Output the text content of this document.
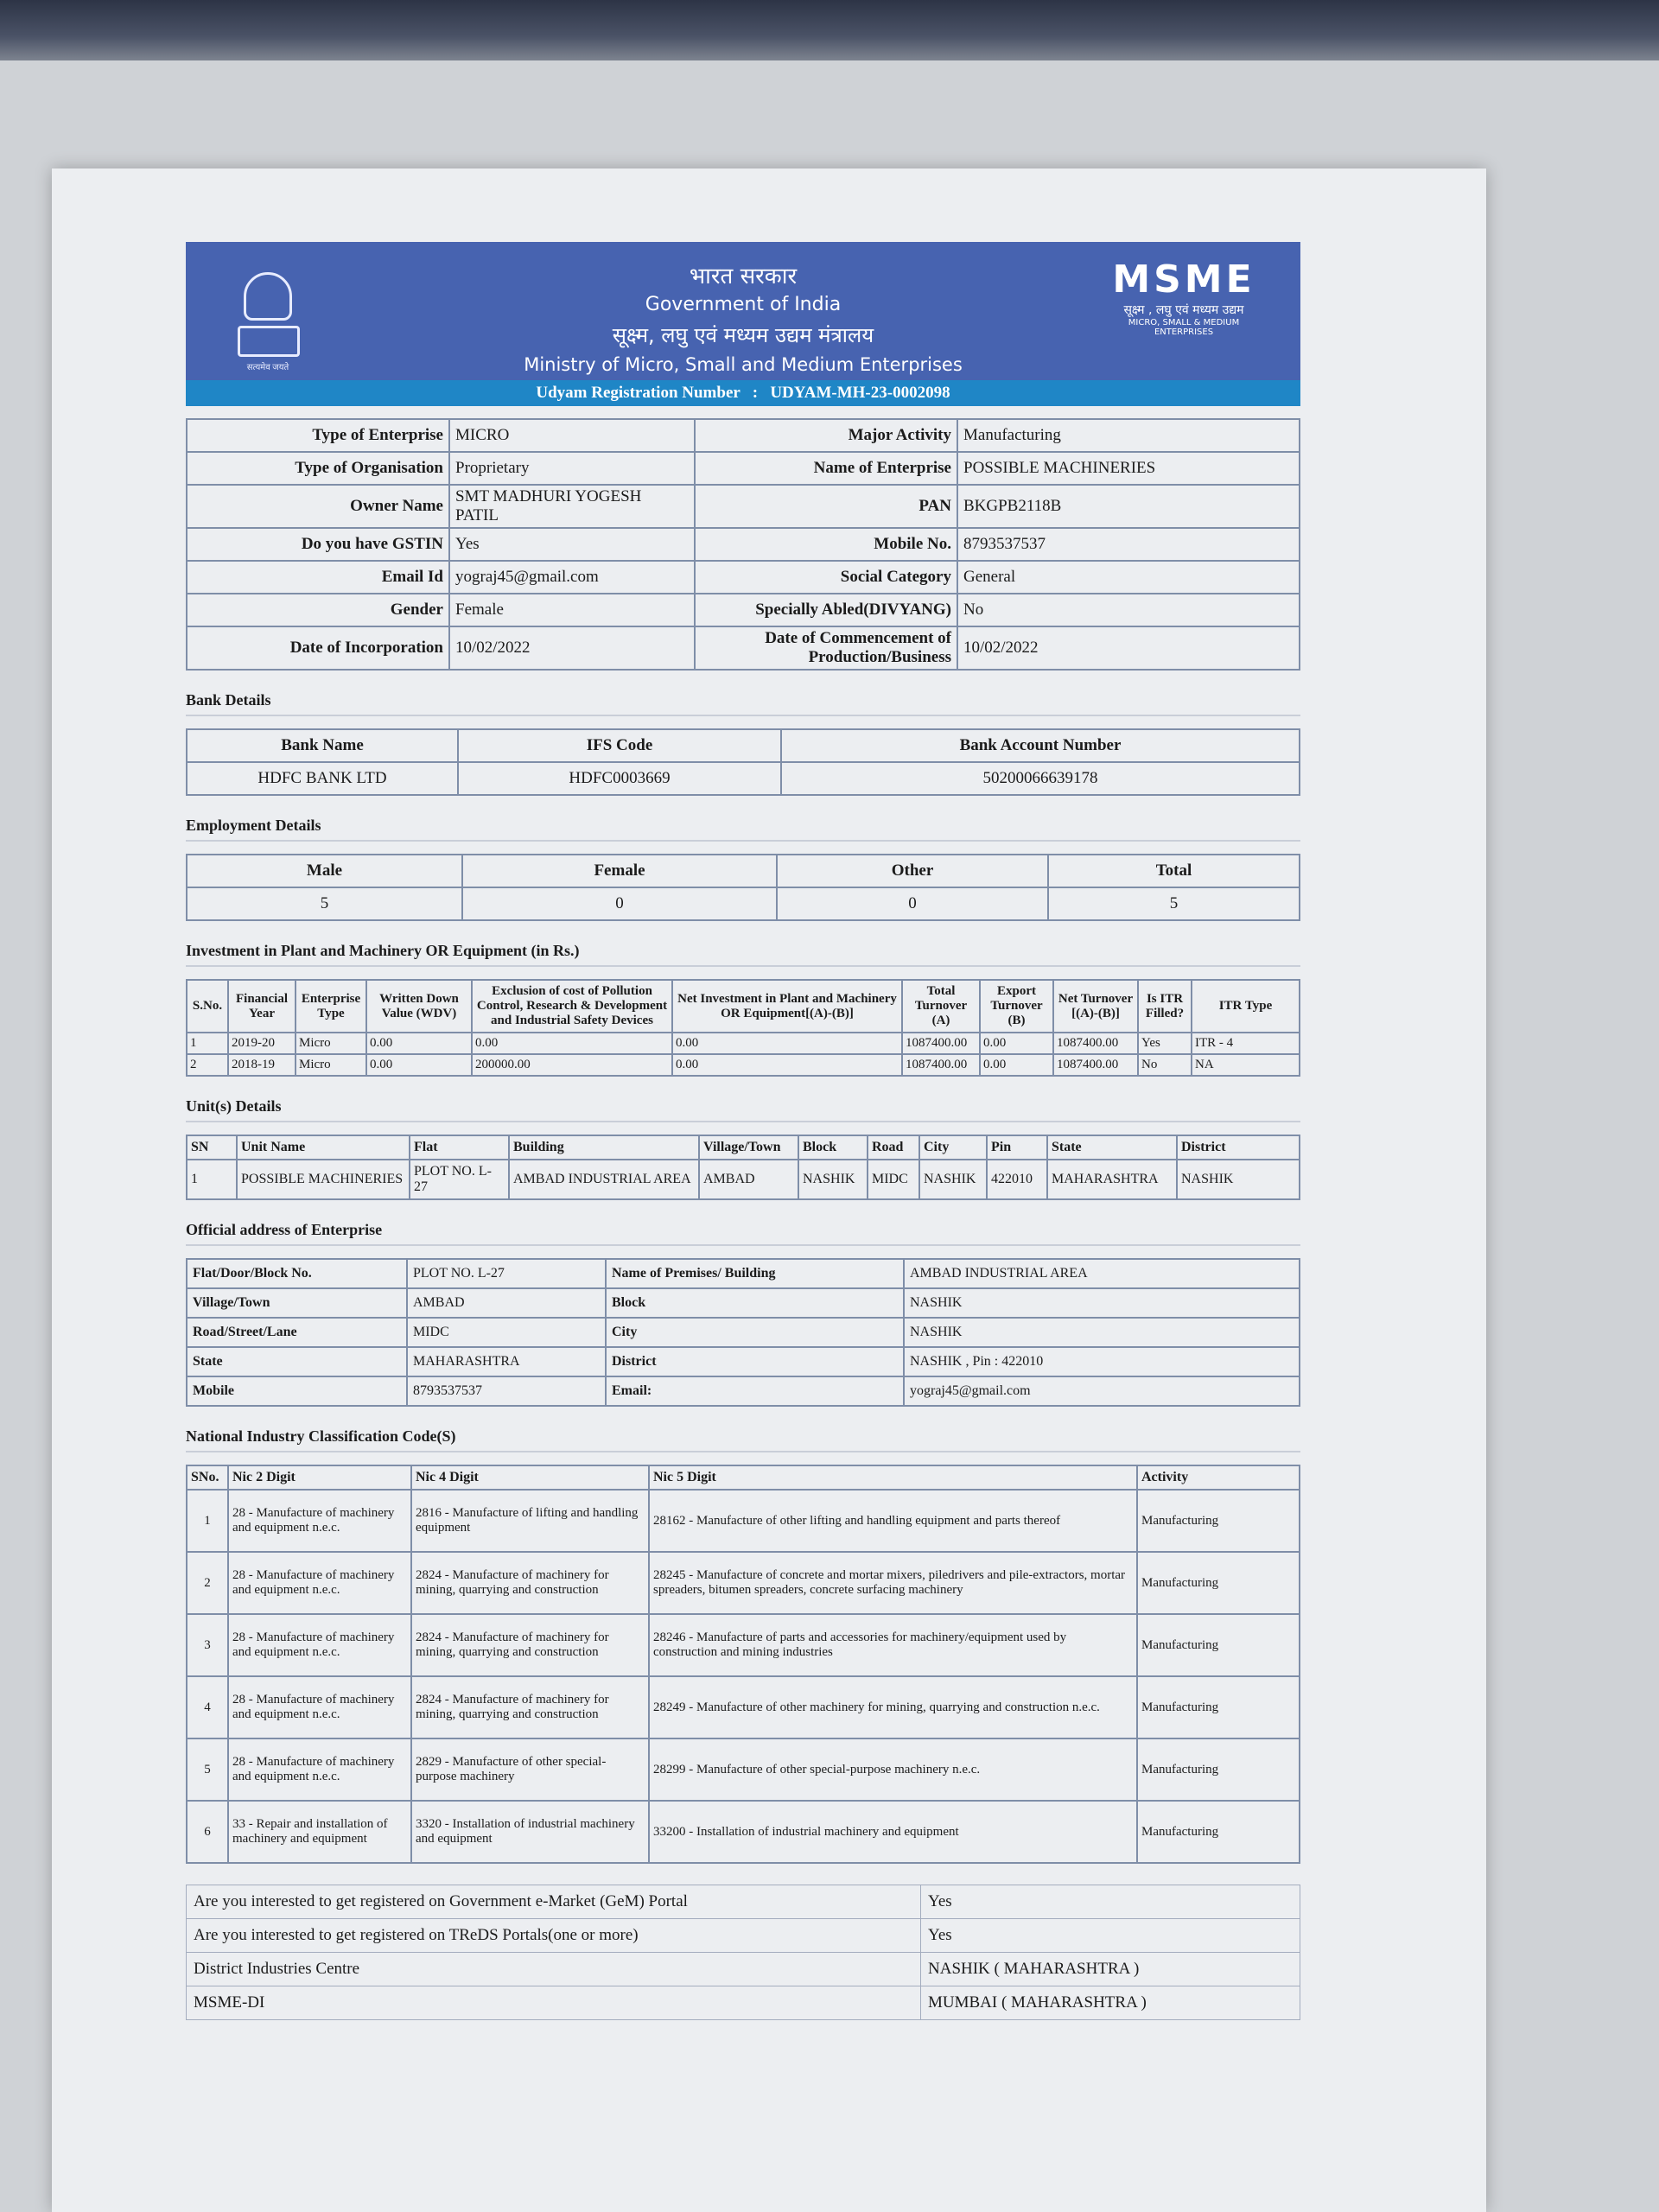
सत्यमेव जयते
भारत सरकार
Government of India
सूक्ष्म, लघु एवं मध्यम उद्यम मंत्रालय
Ministry of Micro, Small and Medium Enterprises
MSME
सूक्ष्म , लघु एवं मध्यम उद्यम
MICRO, SMALL & MEDIUM ENTERPRISES
Udyam Registration Number : UDYAM-MH-23-0002098
Type of Enterprise	MICRO	Major Activity	Manufacturing
Type of Organisation	Proprietary	Name of Enterprise	POSSIBLE MACHINERIES
Owner Name	SMT MADHURI YOGESH PATIL	PAN	BKGPB2118B
Do you have GSTIN	Yes	Mobile No.	8793537537
Email Id	yograj45@gmail.com	Social Category	General
Gender	Female	Specially Abled(DIVYANG)	No
Date of Incorporation	10/02/2022	Date of Commencement of Production/Business	10/02/2022
Bank Details
Bank Name	IFS Code	Bank Account Number
HDFC BANK LTD	HDFC0003669	50200066639178
Employment Details
Male	Female	Other	Total
5	0	0	5
Investment in Plant and Machinery OR Equipment (in Rs.)
S.No.	Financial Year	Enterprise Type	Written Down Value (WDV)	Exclusion of cost of Pollution Control, Research & Development and Industrial Safety Devices	Net Investment in Plant and Machinery OR Equipment[(A)-(B)]	Total Turnover (A)	Export Turnover (B)	Net Turnover [(A)-(B)]	Is ITR Filled?	ITR Type
1	2019-20	Micro	0.00	0.00	0.00	1087400.00	0.00	1087400.00	Yes	ITR - 4
2	2018-19	Micro	0.00	200000.00	0.00	1087400.00	0.00	1087400.00	No	NA
Unit(s) Details
SN	Unit Name	Flat	Building	Village/Town	Block	Road	City	Pin	State	District
1	POSSIBLE MACHINERIES	PLOT NO. L-27	AMBAD INDUSTRIAL AREA	AMBAD	NASHIK	MIDC	NASHIK	422010	MAHARASHTRA	NASHIK
Official address of Enterprise
Flat/Door/Block No.	PLOT NO. L-27	Name of Premises/ Building	AMBAD INDUSTRIAL AREA
Village/Town	AMBAD	Block	NASHIK
Road/Street/Lane	MIDC	City	NASHIK
State	MAHARASHTRA	District	NASHIK , Pin : 422010
Mobile	8793537537	Email:	yograj45@gmail.com
National Industry Classification Code(S)
SNo.	Nic 2 Digit	Nic 4 Digit	Nic 5 Digit	Activity
1	28 - Manufacture of machinery and equipment n.e.c.	2816 - Manufacture of lifting and handling equipment	28162 - Manufacture of other lifting and handling equipment and parts thereof	Manufacturing
2	28 - Manufacture of machinery and equipment n.e.c.	2824 - Manufacture of machinery for mining, quarrying and construction	28245 - Manufacture of concrete and mortar mixers, piledrivers and pile-extractors, mortar spreaders, bitumen spreaders, concrete surfacing machinery	Manufacturing
3	28 - Manufacture of machinery and equipment n.e.c.	2824 - Manufacture of machinery for mining, quarrying and construction	28246 - Manufacture of parts and accessories for machinery/equipment used by construction and mining industries	Manufacturing
4	28 - Manufacture of machinery and equipment n.e.c.	2824 - Manufacture of machinery for mining, quarrying and construction	28249 - Manufacture of other machinery for mining, quarrying and construction n.e.c.	Manufacturing
5	28 - Manufacture of machinery and equipment n.e.c.	2829 - Manufacture of other special-purpose machinery	28299 - Manufacture of other special-purpose machinery n.e.c.	Manufacturing
6	33 - Repair and installation of machinery and equipment	3320 - Installation of industrial machinery and equipment	33200 - Installation of industrial machinery and equipment	Manufacturing
Are you interested to get registered on Government e-Market (GeM) Portal	Yes
Are you interested to get registered on TReDS Portals(one or more)	Yes
District Industries Centre	NASHIK ( MAHARASHTRA )
MSME-DI	MUMBAI ( MAHARASHTRA )
